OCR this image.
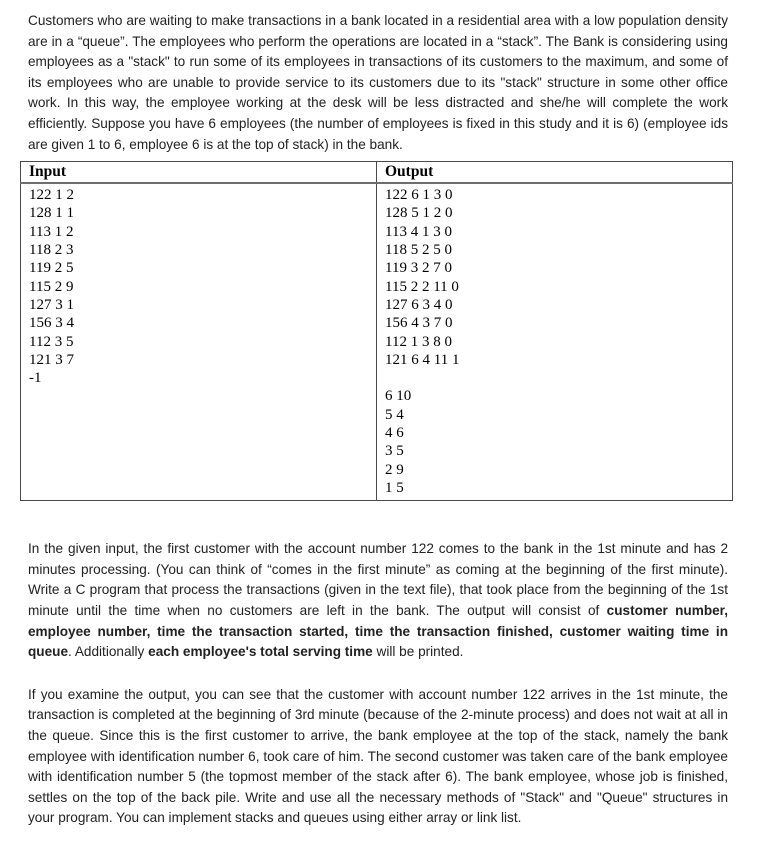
Customers who are waiting to make transactions in a bank located in a residential area with a low population density are in a “queue”. The employees who perform the operations are located in a “stack”. The Bank is considering using employees as a "stack" to run some of its employees in transactions of its customers to the maximum, and some of its employees who are unable to provide service to its customers due to its "stack" structure in some other office work. In this way, the employee working at the desk will be less distracted and she/he will complete the work efficiently. Suppose you have 6 employees (the number of employees is fixed in this study and it is 6) (employee ids are given 1 to 6, employee 6 is at the top of stack) in the bank.

Input	Output

122 1 2
128 1 1
113 1 2
118 2 3
119 2 5
115 2 9
127 3 1
156 3 4
112 3 5
121 3 7
-1

122 6 1 3 0
128 5 1 2 0
113 4 1 3 0
118 5 2 5 0
119 3 2 7 0
115 2 2 11 0
127 6 3 4 0
156 4 3 7 0
112 1 3 8 0
121 6 4 11 1
6 10
5 4
4 6
3 5
2 9
1 5

In the given input, the first customer with the account number 122 comes to the bank in the 1st minute and has 2 minutes processing. (You can think of “comes in the first minute” as coming at the beginning of the first minute). Write a C program that process the transactions (given in the text file), that took place from the beginning of the 1st minute until the time when no customers are left in the bank. The output will consist of customer number, employee number, time the transaction started, time the transaction finished, customer waiting time in queue. Additionally each employee's total serving time will be printed.

If you examine the output, you can see that the customer with account number 122 arrives in the 1st minute, the transaction is completed at the beginning of 3rd minute (because of the 2-minute process) and does not wait at all in the queue. Since this is the first customer to arrive, the bank employee at the top of the stack, namely the bank employee with identification number 6, took care of him. The second customer was taken care of the bank employee with identification number 5 (the topmost member of the stack after 6). The bank employee, whose job is finished, settles on the top of the back pile. Write and use all the necessary methods of "Stack" and "Queue" structures in your program. You can implement stacks and queues using either array or link list.
